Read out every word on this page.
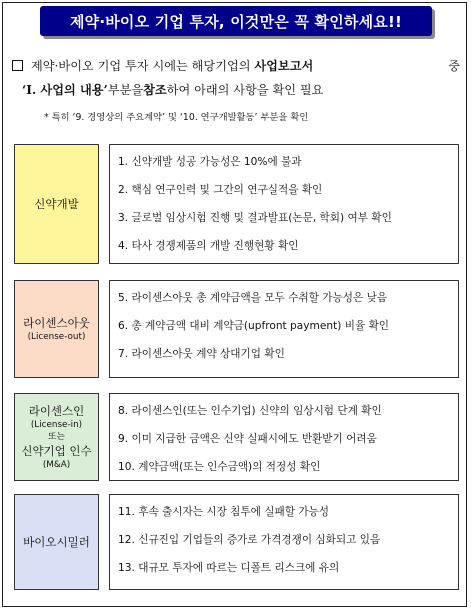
제약·바이오 기업 투자, 이것만은 꼭 확인하세요!!
제약·바이오 기업 투자 시에는 해당기업의 사업보고서	중
‘Ⅰ. 사업의 내용’ 부분을 참조 하여 아래의 사항을 확인 필요
* 특히 ‘9. 경영상의 주요계약’ 및 ‘10. 연구개발활동’ 부분을 확인
신약개발
1. 신약개발 성공 가능성은 10%에 불과
2. 핵심 연구인력 및 그간의 연구실적을 확인
3. 글로벌 임상시험 진행 및 결과발표(논문, 학회) 여부 확인
4. 타사 경쟁제품의 개발 진행현황 확인
라이센스아웃
(License-out)
5. 라이센스아웃 총 계약금액을 모두 수취할 가능성은 낮음
6. 총 계약금액 대비 계약금(upfront payment) 비율 확인
7. 라이센스아웃 계약 상대기업 확인
라이센스인
(License-in)
또는
신약기업 인수
(M&A)
8. 라이센스인(또는 인수기업) 신약의 임상시험 단계 확인
9. 이미 지급한 금액은 신약 실패시에도 반환받기 어려움
10. 계약금액(또는 인수금액)의 적정성 확인
바이오시밀러
11. 후속 출시자는 시장 침투에 실패할 가능성
12. 신규진입 기업들의 증가로 가격경쟁이 심화되고 있음
13. 대규모 투자에 따르는 디폴트 리스크에 유의
